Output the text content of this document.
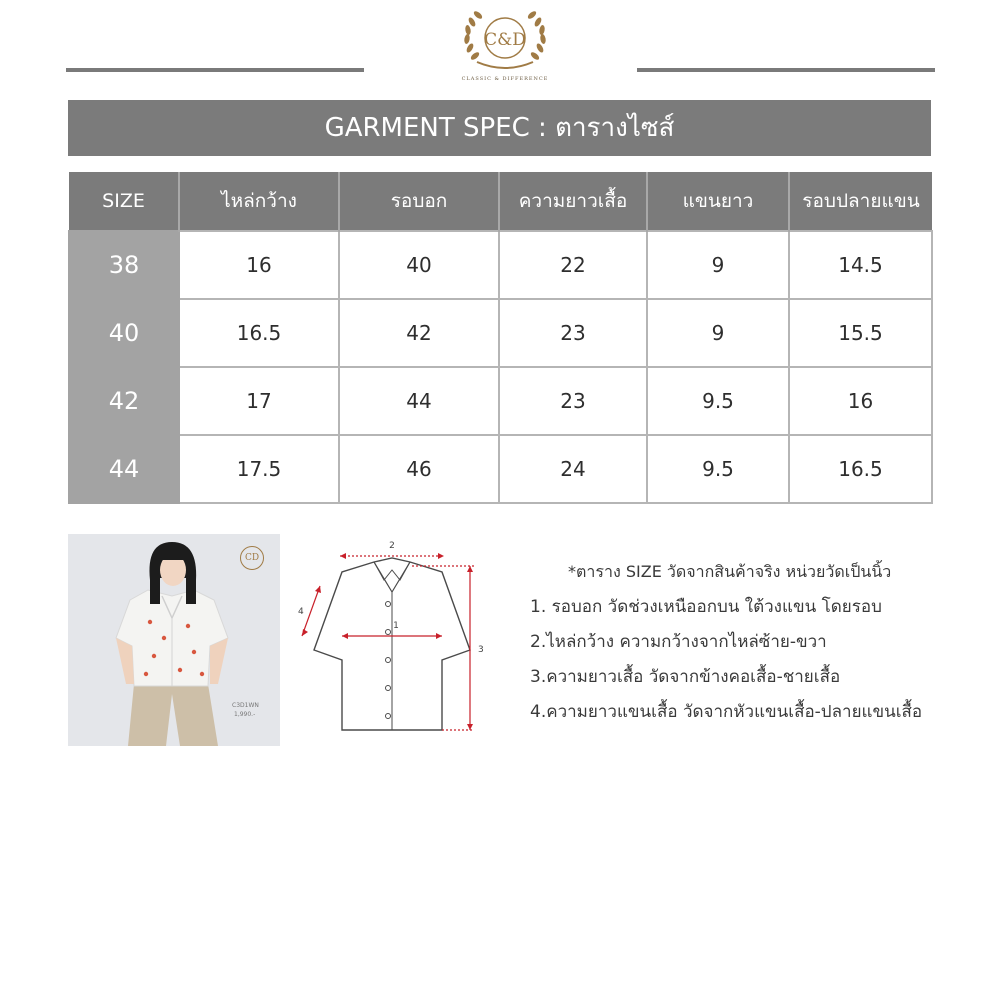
C&D
CLASSIC & DIFFERENCE
GARMENT SPEC : ตารางไซส์
SIZE	ไหล่กว้าง	รอบอก	ความยาวเสื้อ	แขนยาว	รอบปลายแขน
38	16	40	22	9	14.5
40	16.5	42	23	9	15.5
42	17	44	23	9.5	16
44	17.5	46	24	9.5	16.5
CD
C3D1WN
1,990.-
2
1
3
4
*ตาราง SIZE วัดจากสินค้าจริง หน่วยวัดเป็นนิ้ว
1. รอบอก วัดช่วงเหนืออกบน ใต้วงแขน โดยรอบ
2.ไหล่กว้าง ความกว้างจากไหล่ซ้าย-ขวา
3.ความยาวเสื้อ วัดจากข้างคอเสื้อ-ชายเสื้อ
4.ความยาวแขนเสื้อ วัดจากหัวแขนเสื้อ-ปลายแขนเสื้อ
